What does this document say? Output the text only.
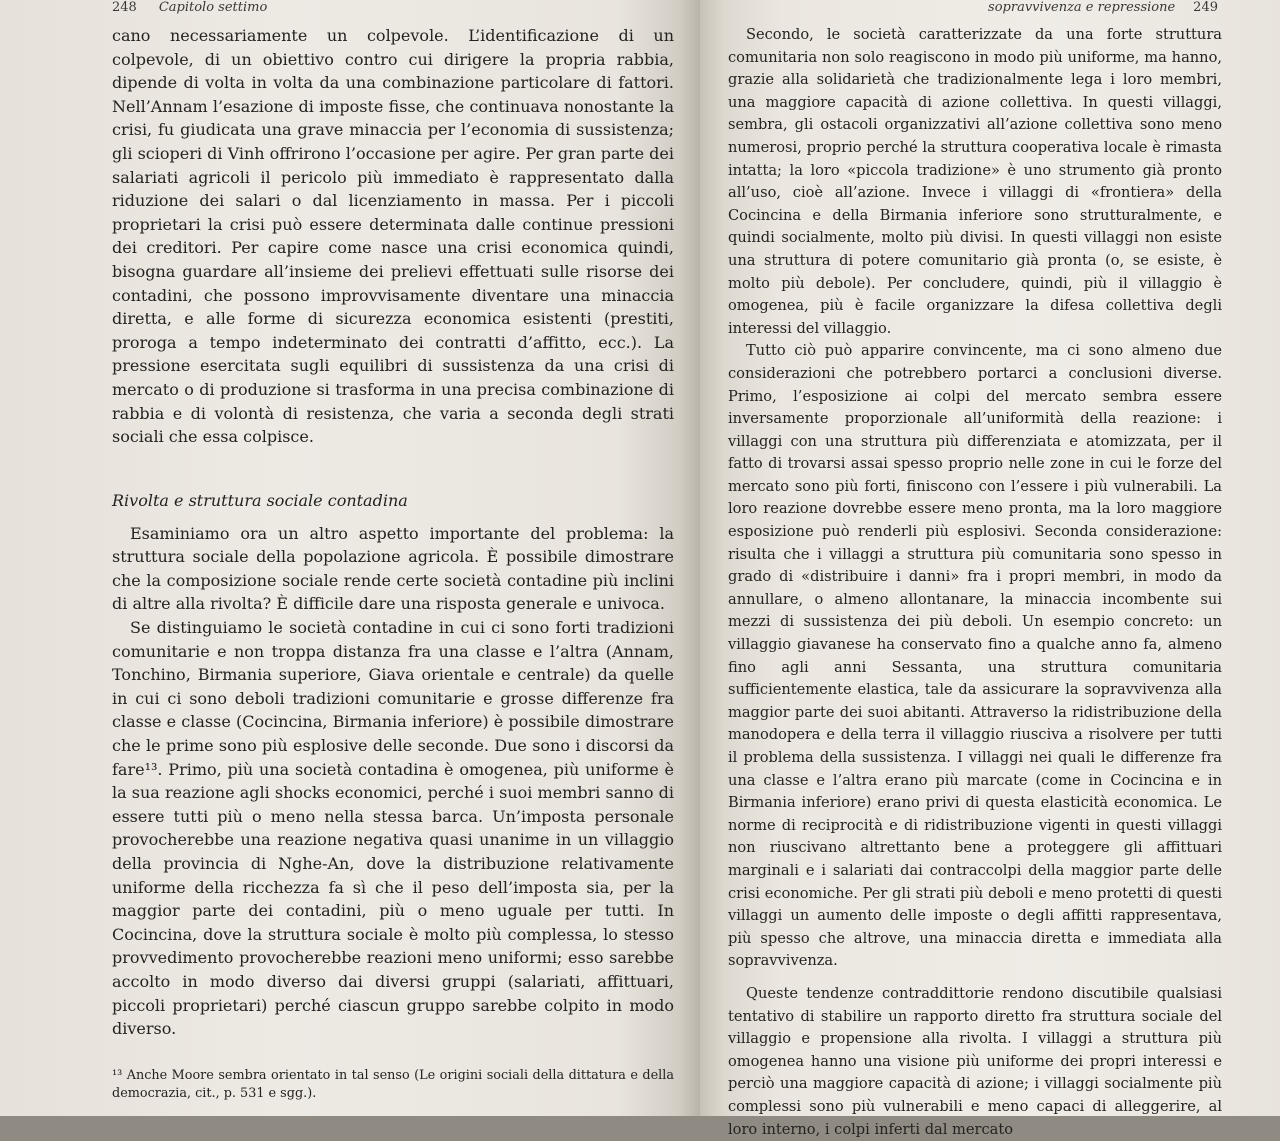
248 Capitolo settimo

cano necessariamente un colpevole. L’identificazione di un colpevole, di un obiettivo contro cui dirigere la propria rabbia, dipende di volta in volta da una combinazione particolare di fattori. Nell’Annam l’esazione di imposte fisse, che continuava nonostante la crisi, fu giudicata una grave minaccia per l’economia di sussistenza; gli scioperi di Vinh offrirono l’occasione per agire. Per gran parte dei salariati agricoli il pericolo più immediato è rappresentato dalla riduzione dei salari o dal licenziamento in massa. Per i piccoli proprietari la crisi può essere determinata dalle continue pressioni dei creditori. Per capire come nasce una crisi economica quindi, bisogna guardare all’insieme dei prelievi effettuati sulle risorse dei contadini, che possono improvvisamente diventare una minaccia diretta, e alle forme di sicurezza economica esistenti (prestiti, proroga a tempo indeterminato dei contratti d’affitto, ecc.). La pressione esercitata sugli equilibri di sussistenza da una crisi di mercato o di produzione si trasforma in una precisa combinazione di rabbia e di volontà di resistenza, che varia a seconda degli strati sociali che essa colpisce.

Rivolta e struttura sociale contadina

Esaminiamo ora un altro aspetto importante del problema: la struttura sociale della popolazione agricola. È possibile dimostrare che la composizione sociale rende certe società contadine più inclini di altre alla rivolta? È difficile dare una risposta generale e univoca.

Se distinguiamo le società contadine in cui ci sono forti tradizioni comunitarie e non troppa distanza fra una classe e l’altra (Annam, Tonchino, Birmania superiore, Giava orientale e centrale) da quelle in cui ci sono deboli tradizioni comunitarie e grosse differenze fra classe e classe (Cocincina, Birmania inferiore) è possibile dimostrare che le prime sono più esplosive delle seconde. Due sono i discorsi da fare¹³. Primo, più una società contadina è omogenea, più uniforme è la sua reazione agli shocks economici, perché i suoi membri sanno di essere tutti più o meno nella stessa barca. Un’imposta personale provocherebbe una reazione negativa quasi unanime in un villaggio della provincia di Nghe-An, dove la distribuzione relativamente uniforme della ricchezza fa sì che il peso dell’imposta sia, per la maggior parte dei contadini, più o meno uguale per tutti. In Cocincina, dove la struttura sociale è molto più complessa, lo stesso provvedimento provocherebbe reazioni meno uniformi; esso sarebbe accolto in modo diverso dai diversi gruppi (salariati, affittuari, piccoli proprietari) perché ciascun gruppo sarebbe colpito in modo diverso.

¹³ Anche Moore sembra orientato in tal senso (Le origini sociali della dittatura e della democrazia, cit., p. 531 e sgg.).
sopravvivenza e repressione 249

Secondo, le società caratterizzate da una forte struttura comunitaria non solo reagiscono in modo più uniforme, ma hanno, grazie alla solidarietà che tradizionalmente lega i loro membri, una maggiore capacità di azione collettiva. In questi villaggi, sembra, gli ostacoli organizzativi all’azione collettiva sono meno numerosi, proprio perché la struttura cooperativa locale è rimasta intatta; la loro «piccola tradizione» è uno strumento già pronto all’uso, cioè all’azione. Invece i villaggi di «frontiera» della Cocincina e della Birmania inferiore sono strutturalmente, e quindi socialmente, molto più divisi. In questi villaggi non esiste una struttura di potere comunitario già pronta (o, se esiste, è molto più debole). Per concludere, quindi, più il villaggio è omogenea, più è facile organizzare la difesa collettiva degli interessi del villaggio.

Tutto ciò può apparire convincente, ma ci sono almeno due considerazioni che potrebbero portarci a conclusioni diverse. Primo, l’esposizione ai colpi del mercato sembra essere inversamente proporzionale all’uniformità della reazione: i villaggi con una struttura più differenziata e atomizzata, per il fatto di trovarsi assai spesso proprio nelle zone in cui le forze del mercato sono più forti, finiscono con l’essere i più vulnerabili. La loro reazione dovrebbe essere meno pronta, ma la loro maggiore esposizione può renderli più esplosivi. Seconda considerazione: risulta che i villaggi a struttura più comunitaria sono spesso in grado di «distribuire i danni» fra i propri membri, in modo da annullare, o almeno allontanare, la minaccia incombente sui mezzi di sussistenza dei più deboli. Un esempio concreto: un villaggio giavanese ha conservato fino a qualche anno fa, almeno fino agli anni Sessanta, una struttura comunitaria sufficientemente elastica, tale da assicurare la sopravvivenza alla maggior parte dei suoi abitanti. Attraverso la ridistribuzione della manodopera e della terra il villaggio riusciva a risolvere per tutti il problema della sussistenza. I villaggi nei quali le differenze fra una classe e l’altra erano più marcate (come in Cocincina e in Birmania inferiore) erano privi di questa elasticità economica. Le norme di reciprocità e di ridistribuzione vigenti in questi villaggi non riuscivano altrettanto bene a proteggere gli affittuari marginali e i salariati dai contraccolpi della maggior parte delle crisi economiche. Per gli strati più deboli e meno protetti di questi villaggi un aumento delle imposte o degli affitti rappresentava, più spesso che altrove, una minaccia diretta e immediata alla sopravvivenza.

Queste tendenze contraddittorie rendono discutibile qualsiasi tentativo di stabilire un rapporto diretto fra struttura sociale del villaggio e propensione alla rivolta. I villaggi a struttura più omogenea hanno una visione più uniforme dei propri interessi e perciò una maggiore capacità di azione; i villaggi socialmente più complessi sono più vulnerabili e meno capaci di alleggerire, al loro interno, i colpi inferti dal mercato
